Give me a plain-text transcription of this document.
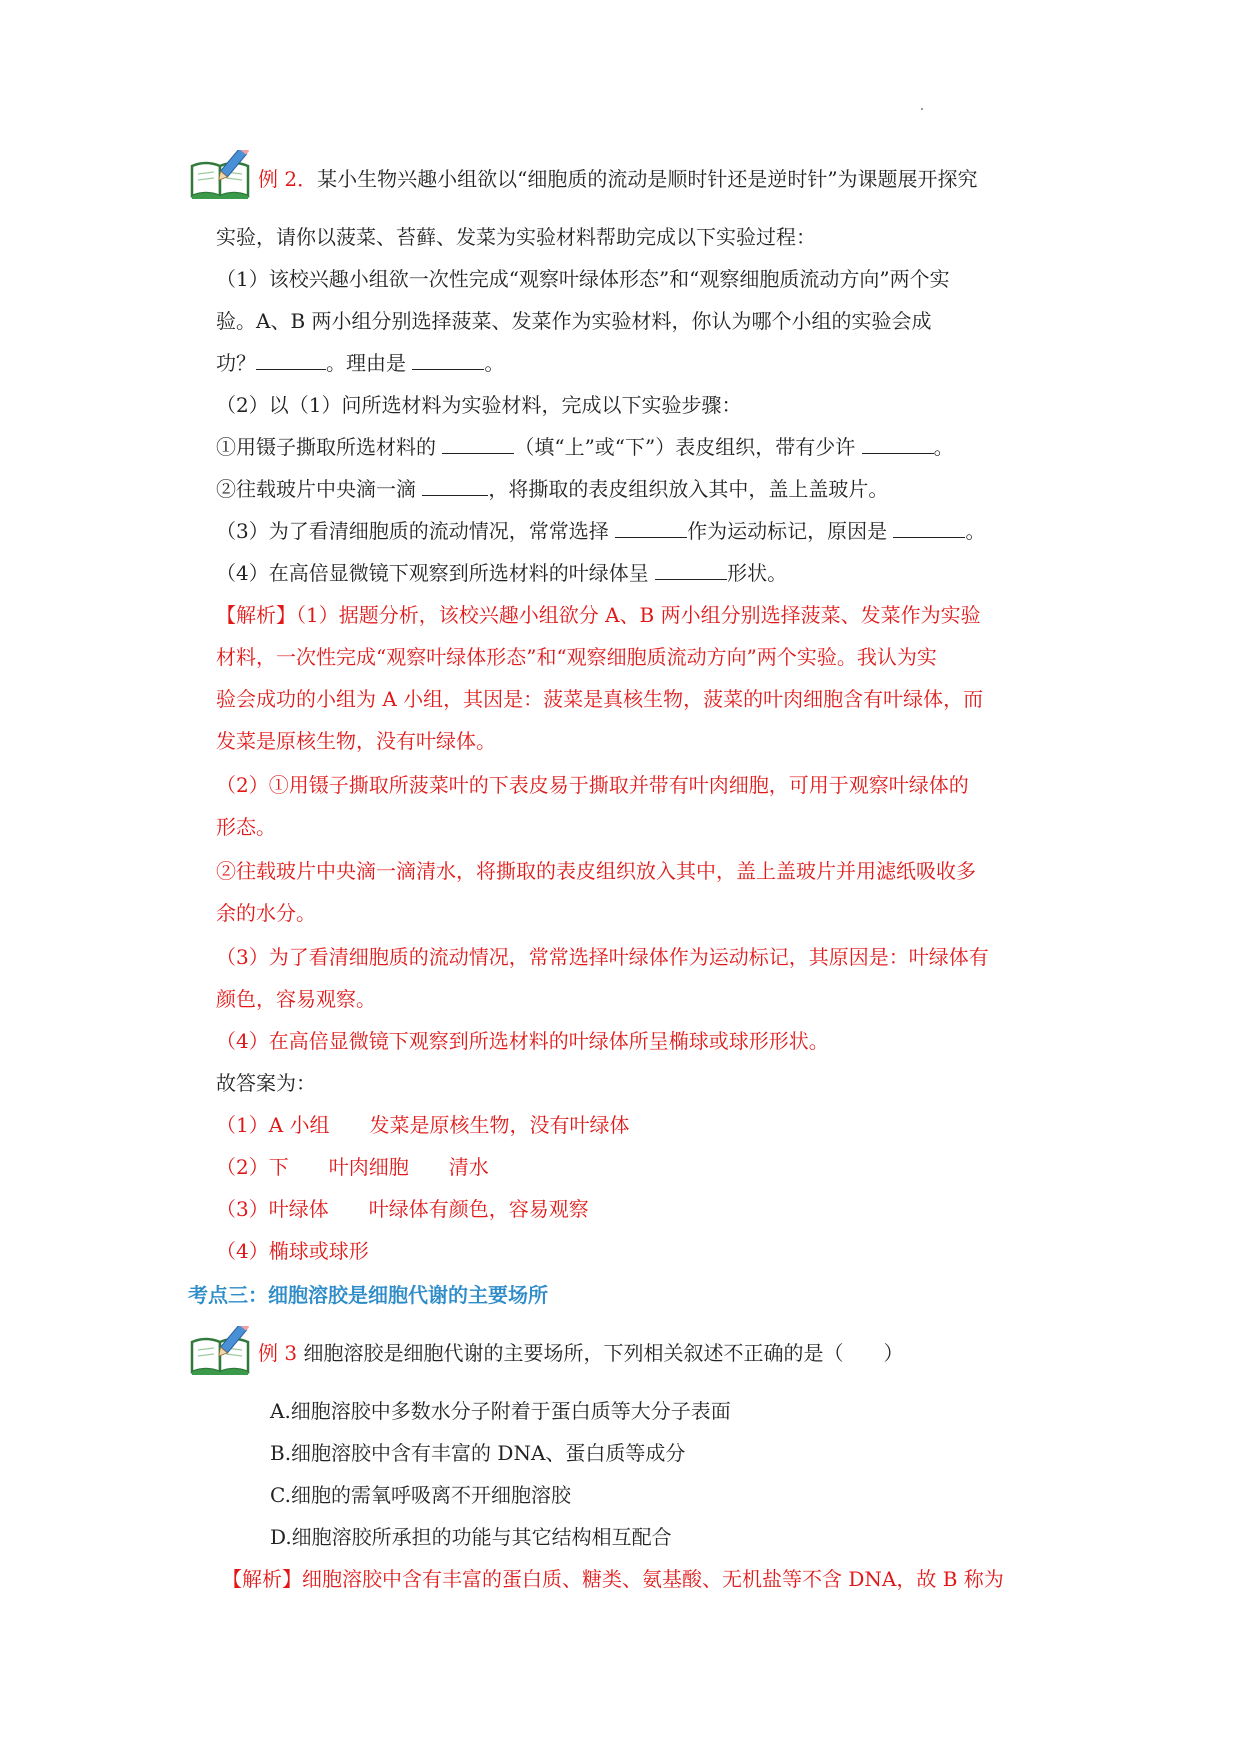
例 2．某小生物兴趣小组欲以“细胞质的流动是顺时针还是逆时针”为课题展开探究
实验，请你以菠菜、苔藓、发菜为实验材料帮助完成以下实验过程：
（1）该校兴趣小组欲一次性完成“观察叶绿体形态”和“观察细胞质流动方向”两个实
验。A、B 两小组分别选择菠菜、发菜作为实验材料，你认为哪个小组的实验会成
功？	。理由是	。
（2）以（1）问所选材料为实验材料，完成以下实验步骤：
①用镊子撕取所选材料的	（填“上”或“下”）表皮组织，带有少许	。
②往载玻片中央滴一滴	，将撕取的表皮组织放入其中，盖上盖玻片。
（3）为了看清细胞质的流动情况，常常选择	作为运动标记，原因是	。
（4）在高倍显微镜下观察到所选材料的叶绿体呈	形状。
【解析】（1）据题分析，该校兴趣小组欲分 A、B 两小组分别选择菠菜、发菜作为实验
材料，一次性完成“观察叶绿体形态”和“观察细胞质流动方向”两个实验。我认为实
验会成功的小组为 A 小组，其因是：菠菜是真核生物，菠菜的叶肉细胞含有叶绿体，而
发菜是原核生物，没有叶绿体。
（2）①用镊子撕取所菠菜叶的下表皮易于撕取并带有叶肉细胞，可用于观察叶绿体的
形态。
②往载玻片中央滴一滴清水，将撕取的表皮组织放入其中，盖上盖玻片并用滤纸吸收多
余的水分。
（3）为了看清细胞质的流动情况，常常选择叶绿体作为运动标记，其原因是：叶绿体有
颜色，容易观察。
（4）在高倍显微镜下观察到所选材料的叶绿体所呈椭球或球形形状。
故答案为：
（1）A 小组　　发菜是原核生物，没有叶绿体
（2）下　　叶肉细胞　　清水
（3）叶绿体　　叶绿体有颜色，容易观察
（4）椭球或球形
考点三：细胞溶胶是细胞代谢的主要场所
例 3 细胞溶胶是细胞代谢的主要场所，下列相关叙述不正确的是（　　）
A.细胞溶胶中多数水分子附着于蛋白质等大分子表面
B.细胞溶胶中含有丰富的 DNA、蛋白质等成分
C.细胞的需氧呼吸离不开细胞溶胶
D.细胞溶胶所承担的功能与其它结构相互配合
【解析】细胞溶胶中含有丰富的蛋白质、糖类、氨基酸、无机盐等不含 DNA，故 B 称为
